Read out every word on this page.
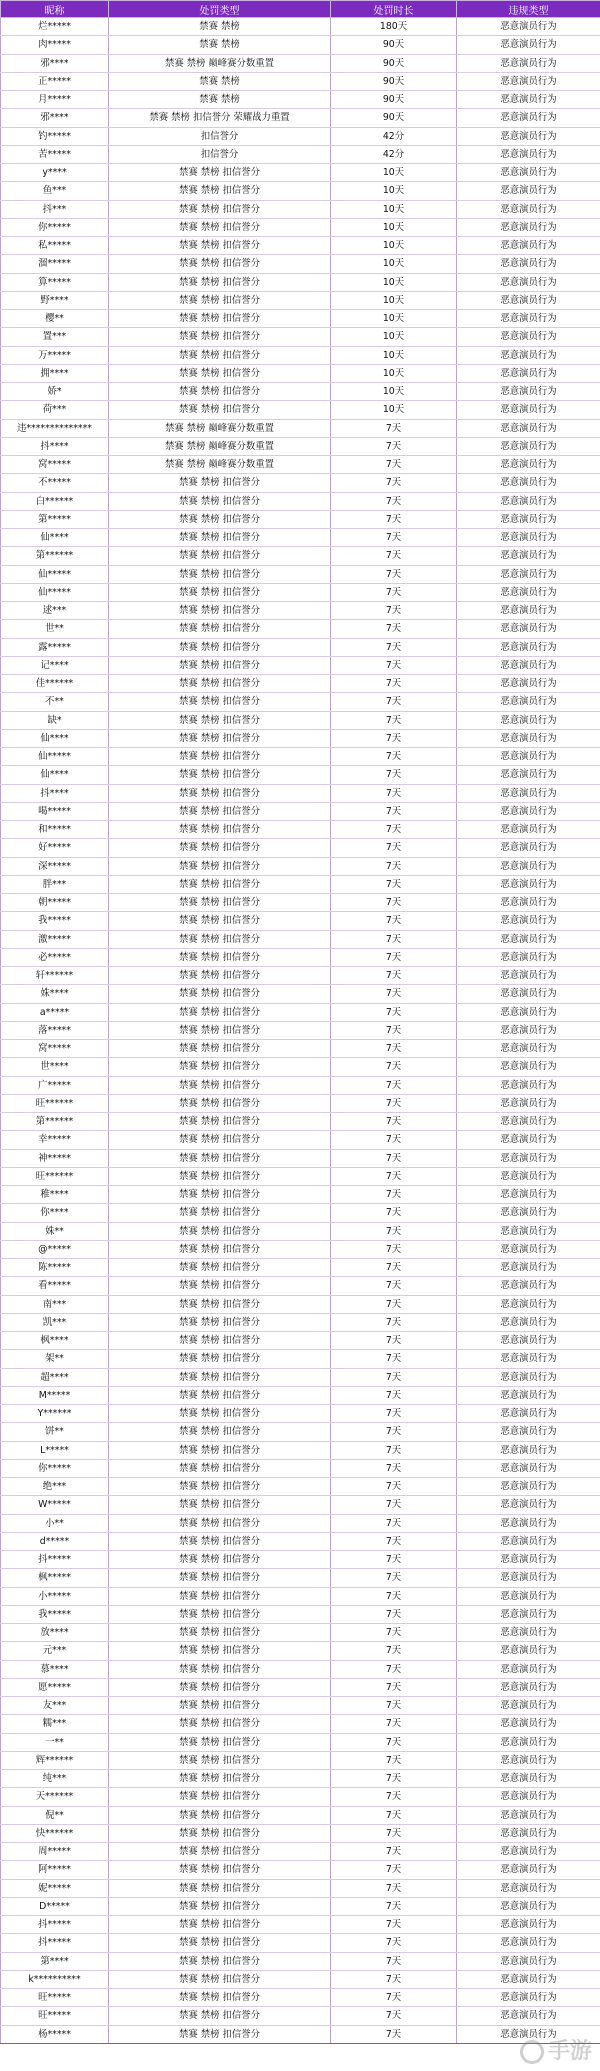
昵称	处罚类型	处罚时长	违规类型
烂*****	禁赛 禁榜	180天	恶意演员行为
肉*****	禁赛 禁榜	90天	恶意演员行为
邪****	禁赛 禁榜 巅峰赛分数重置	90天	恶意演员行为
正*****	禁赛 禁榜	90天	恶意演员行为
月*****	禁赛 禁榜	90天	恶意演员行为
邪****	禁赛 禁榜 扣信誉分 荣耀战力重置	90天	恶意演员行为
钓*****	扣信誉分	42分	恶意演员行为
苦*****	扣信誉分	42分	恶意演员行为
y****	禁赛 禁榜 扣信誉分	10天	恶意演员行为
鱼***	禁赛 禁榜 扣信誉分	10天	恶意演员行为
抖***	禁赛 禁榜 扣信誉分	10天	恶意演员行为
你*****	禁赛 禁榜 扣信誉分	10天	恶意演员行为
私*****	禁赛 禁榜 扣信誉分	10天	恶意演员行为
溜*****	禁赛 禁榜 扣信誉分	10天	恶意演员行为
算*****	禁赛 禁榜 扣信誉分	10天	恶意演员行为
野****	禁赛 禁榜 扣信誉分	10天	恶意演员行为
樱**	禁赛 禁榜 扣信誉分	10天	恶意演员行为
置***	禁赛 禁榜 扣信誉分	10天	恶意演员行为
万*****	禁赛 禁榜 扣信誉分	10天	恶意演员行为
拥****	禁赛 禁榜 扣信誉分	10天	恶意演员行为
娇*	禁赛 禁榜 扣信誉分	10天	恶意演员行为
荷***	禁赛 禁榜 扣信誉分	10天	恶意演员行为
违**************	禁赛 禁榜 巅峰赛分数重置	7天	恶意演员行为
抖****	禁赛 禁榜 巅峰赛分数重置	7天	恶意演员行为
窝*****	禁赛 禁榜 巅峰赛分数重置	7天	恶意演员行为
不*****	禁赛 禁榜 扣信誉分	7天	恶意演员行为
白******	禁赛 禁榜 扣信誉分	7天	恶意演员行为
第*****	禁赛 禁榜 扣信誉分	7天	恶意演员行为
仙****	禁赛 禁榜 扣信誉分	7天	恶意演员行为
第******	禁赛 禁榜 扣信誉分	7天	恶意演员行为
仙*****	禁赛 禁榜 扣信誉分	7天	恶意演员行为
仙*****	禁赛 禁榜 扣信誉分	7天	恶意演员行为
逑***	禁赛 禁榜 扣信誉分	7天	恶意演员行为
世**	禁赛 禁榜 扣信誉分	7天	恶意演员行为
露*****	禁赛 禁榜 扣信誉分	7天	恶意演员行为
记****	禁赛 禁榜 扣信誉分	7天	恶意演员行为
佳******	禁赛 禁榜 扣信誉分	7天	恶意演员行为
不**	禁赛 禁榜 扣信誉分	7天	恶意演员行为
缺*	禁赛 禁榜 扣信誉分	7天	恶意演员行为
仙****	禁赛 禁榜 扣信誉分	7天	恶意演员行为
仙*****	禁赛 禁榜 扣信誉分	7天	恶意演员行为
仙****	禁赛 禁榜 扣信誉分	7天	恶意演员行为
抖****	禁赛 禁榜 扣信誉分	7天	恶意演员行为
喝*****	禁赛 禁榜 扣信誉分	7天	恶意演员行为
和*****	禁赛 禁榜 扣信誉分	7天	恶意演员行为
好*****	禁赛 禁榜 扣信誉分	7天	恶意演员行为
深*****	禁赛 禁榜 扣信誉分	7天	恶意演员行为
胖***	禁赛 禁榜 扣信誉分	7天	恶意演员行为
朝*****	禁赛 禁榜 扣信誉分	7天	恶意演员行为
我*****	禁赛 禁榜 扣信誉分	7天	恶意演员行为
激*****	禁赛 禁榜 扣信誉分	7天	恶意演员行为
必*****	禁赛 禁榜 扣信誉分	7天	恶意演员行为
轩******	禁赛 禁榜 扣信誉分	7天	恶意演员行为
姝****	禁赛 禁榜 扣信誉分	7天	恶意演员行为
a*****	禁赛 禁榜 扣信誉分	7天	恶意演员行为
落*****	禁赛 禁榜 扣信誉分	7天	恶意演员行为
窝*****	禁赛 禁榜 扣信誉分	7天	恶意演员行为
世****	禁赛 禁榜 扣信誉分	7天	恶意演员行为
广*****	禁赛 禁榜 扣信誉分	7天	恶意演员行为
旺******	禁赛 禁榜 扣信誉分	7天	恶意演员行为
第******	禁赛 禁榜 扣信誉分	7天	恶意演员行为
幸*****	禁赛 禁榜 扣信誉分	7天	恶意演员行为
神*****	禁赛 禁榜 扣信誉分	7天	恶意演员行为
旺******	禁赛 禁榜 扣信誉分	7天	恶意演员行为
稚****	禁赛 禁榜 扣信誉分	7天	恶意演员行为
你****	禁赛 禁榜 扣信誉分	7天	恶意演员行为
姝**	禁赛 禁榜 扣信誉分	7天	恶意演员行为
@*****	禁赛 禁榜 扣信誉分	7天	恶意演员行为
陈*****	禁赛 禁榜 扣信誉分	7天	恶意演员行为
看*****	禁赛 禁榜 扣信誉分	7天	恶意演员行为
南***	禁赛 禁榜 扣信誉分	7天	恶意演员行为
凯***	禁赛 禁榜 扣信誉分	7天	恶意演员行为
枫****	禁赛 禁榜 扣信誉分	7天	恶意演员行为
架**	禁赛 禁榜 扣信誉分	7天	恶意演员行为
超****	禁赛 禁榜 扣信誉分	7天	恶意演员行为
M*****	禁赛 禁榜 扣信誉分	7天	恶意演员行为
Y******	禁赛 禁榜 扣信誉分	7天	恶意演员行为
饼**	禁赛 禁榜 扣信誉分	7天	恶意演员行为
L*****	禁赛 禁榜 扣信誉分	7天	恶意演员行为
你*****	禁赛 禁榜 扣信誉分	7天	恶意演员行为
绝***	禁赛 禁榜 扣信誉分	7天	恶意演员行为
W*****	禁赛 禁榜 扣信誉分	7天	恶意演员行为
小**	禁赛 禁榜 扣信誉分	7天	恶意演员行为
d*****	禁赛 禁榜 扣信誉分	7天	恶意演员行为
抖*****	禁赛 禁榜 扣信誉分	7天	恶意演员行为
枫*****	禁赛 禁榜 扣信誉分	7天	恶意演员行为
小*****	禁赛 禁榜 扣信誉分	7天	恶意演员行为
我*****	禁赛 禁榜 扣信誉分	7天	恶意演员行为
放****	禁赛 禁榜 扣信誉分	7天	恶意演员行为
元***	禁赛 禁榜 扣信誉分	7天	恶意演员行为
慕****	禁赛 禁榜 扣信誉分	7天	恶意演员行为
愿*****	禁赛 禁榜 扣信誉分	7天	恶意演员行为
友***	禁赛 禁榜 扣信誉分	7天	恶意演员行为
糯***	禁赛 禁榜 扣信誉分	7天	恶意演员行为
一**	禁赛 禁榜 扣信誉分	7天	恶意演员行为
辉******	禁赛 禁榜 扣信誉分	7天	恶意演员行为
纯***	禁赛 禁榜 扣信誉分	7天	恶意演员行为
天******	禁赛 禁榜 扣信誉分	7天	恶意演员行为
倪**	禁赛 禁榜 扣信誉分	7天	恶意演员行为
快******	禁赛 禁榜 扣信誉分	7天	恶意演员行为
周*****	禁赛 禁榜 扣信誉分	7天	恶意演员行为
阿*****	禁赛 禁榜 扣信誉分	7天	恶意演员行为
妮*****	禁赛 禁榜 扣信誉分	7天	恶意演员行为
D*****	禁赛 禁榜 扣信誉分	7天	恶意演员行为
抖*****	禁赛 禁榜 扣信誉分	7天	恶意演员行为
抖*****	禁赛 禁榜 扣信誉分	7天	恶意演员行为
第****	禁赛 禁榜 扣信誉分	7天	恶意演员行为
k**********	禁赛 禁榜 扣信誉分	7天	恶意演员行为
旺*****	禁赛 禁榜 扣信誉分	7天	恶意演员行为
旺*****	禁赛 禁榜 扣信誉分	7天	恶意演员行为
杨*****	禁赛 禁榜 扣信誉分	7天	恶意演员行为
手游
